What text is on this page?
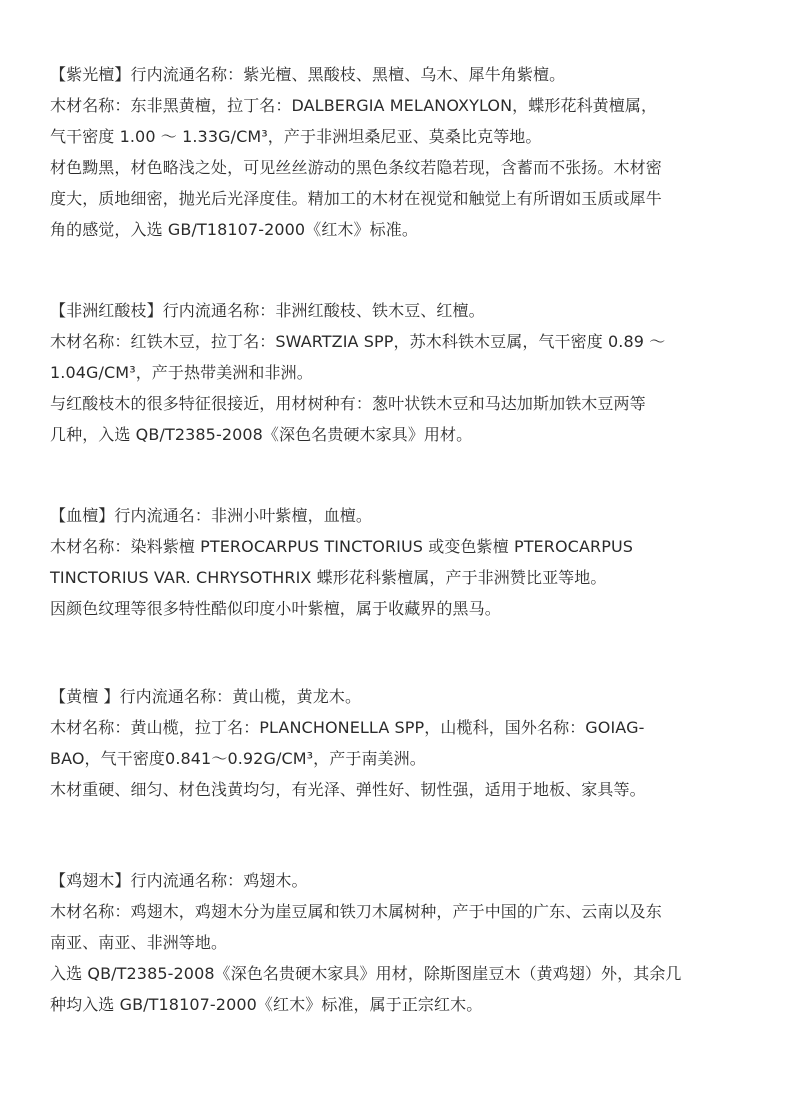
【紫光檀】行内流通名称：紫光檀、黑酸枝、黑檀、乌木、犀牛角紫檀。
木材名称：东非黑黄檀，拉丁名：DALBERGIA MELANOXYLON，蝶形花科黄檀属，
气干密度 1.00 ～ 1.33G/CM³，产于非洲坦桑尼亚、莫桑比克等地。
材色黝黑，材色略浅之处，可见丝丝游动的黑色条纹若隐若现，含蓄而不张扬。木材密
度大，质地细密，抛光后光泽度佳。精加工的木材在视觉和触觉上有所谓如玉质或犀牛
角的感觉，入选 GB/T18107-2000《红木》标准。
【非洲红酸枝】行内流通名称：非洲红酸枝、铁木豆、红檀。
木材名称：红铁木豆，拉丁名：SWARTZIA SPP，苏木科铁木豆属，气干密度 0.89 ～
1.04G/CM³，产于热带美洲和非洲。
与红酸枝木的很多特征很接近，用材树种有：葱叶状铁木豆和马达加斯加铁木豆两等
几种，入选 QB/T2385-2008《深色名贵硬木家具》用材。
【血檀】行内流通名：非洲小叶紫檀，血檀。
木材名称：染料紫檀 PTEROCARPUS TINCTORIUS 或变色紫檀 PTEROCARPUS
TINCTORIUS VAR. CHRYSOTHRIX 蝶形花科紫檀属，产于非洲赞比亚等地。
因颜色纹理等很多特性酷似印度小叶紫檀，属于收藏界的黑马。
【黄檀 】行内流通名称：黄山榄，黄龙木。
木材名称：黄山榄，拉丁名：PLANCHONELLA SPP，山榄科，国外名称：GOIAG-
BAO，气干密度0.841～0.92G/CM³，产于南美洲。
木材重硬、细匀、材色浅黄均匀，有光泽、弹性好、韧性强，适用于地板、家具等。
【鸡翅木】行内流通名称：鸡翅木。
木材名称：鸡翅木，鸡翅木分为崖豆属和铁刀木属树种，产于中国的广东、云南以及东
南亚、南亚、非洲等地。
入选 QB/T2385-2008《深色名贵硬木家具》用材，除斯图崖豆木（黄鸡翅）外，其余几
种均入选 GB/T18107-2000《红木》标准，属于正宗红木。
